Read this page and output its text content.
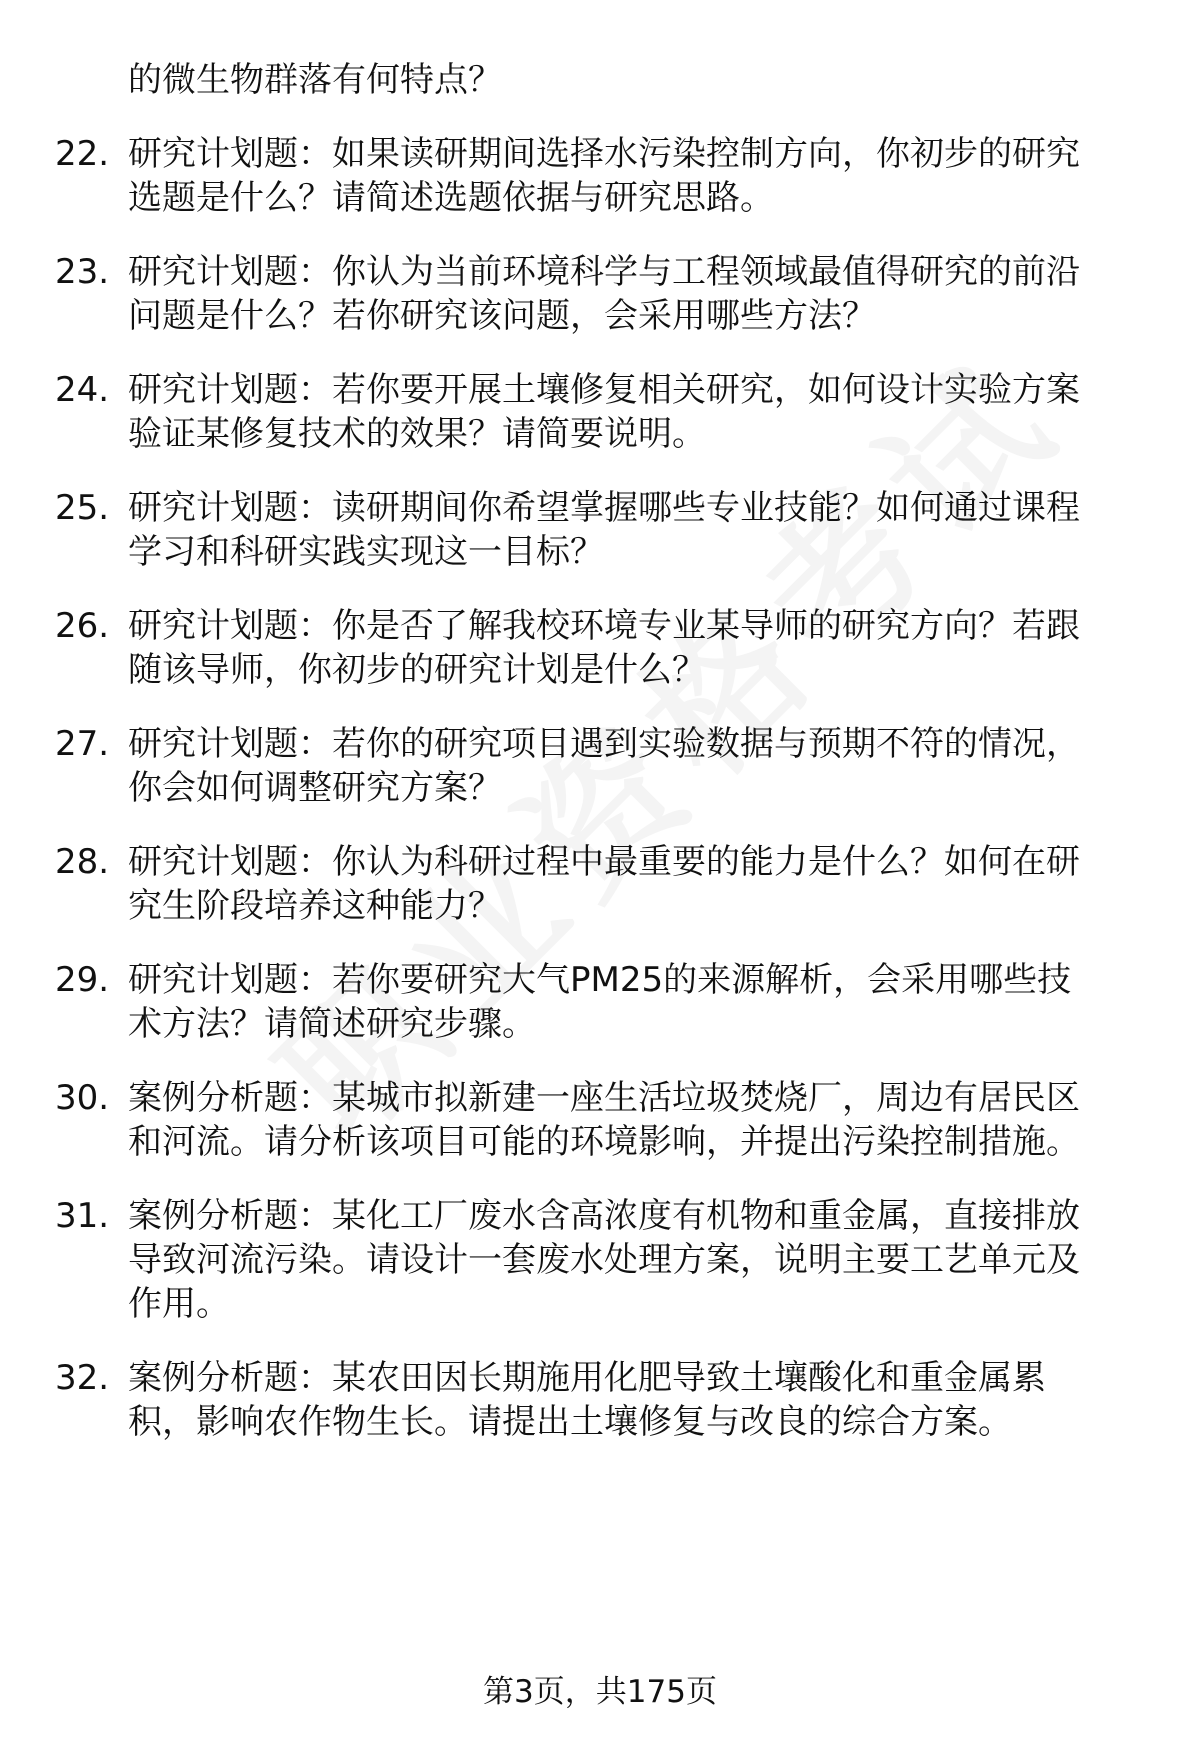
的微生物群落有何特点？
22. 研究计划题：如果读研期间选择水污染控制方向，你初步的研究
选题是什么？请简述选题依据与研究思路。
23. 研究计划题：你认为当前环境科学与工程领域最值得研究的前沿
问题是什么？若你研究该问题，会采用哪些方法？
24. 研究计划题：若你要开展土壤修复相关研究，如何设计实验方案
验证某修复技术的效果？请简要说明。
25. 研究计划题：读研期间你希望掌握哪些专业技能？如何通过课程
学习和科研实践实现这一目标？
26. 研究计划题：你是否了解我校环境专业某导师的研究方向？若跟
随该导师，你初步的研究计划是什么？
27. 研究计划题：若你的研究项目遇到实验数据与预期不符的情况，
你会如何调整研究方案？
28. 研究计划题：你认为科研过程中最重要的能力是什么？如何在研
究生阶段培养这种能力？
29. 研究计划题：若你要研究大气PM25的来源解析，会采用哪些技
术方法？请简述研究步骤。
30. 案例分析题：某城市拟新建一座生活垃圾焚烧厂，周边有居民区
和河流。请分析该项目可能的环境影响，并提出污染控制措施。
31. 案例分析题：某化工厂废水含高浓度有机物和重金属，直接排放
导致河流污染。请设计一套废水处理方案，说明主要工艺单元及
作用。
32. 案例分析题：某农田因长期施用化肥导致土壤酸化和重金属累
积，影响农作物生长。请提出土壤修复与改良的综合方案。
第3页，共175页
